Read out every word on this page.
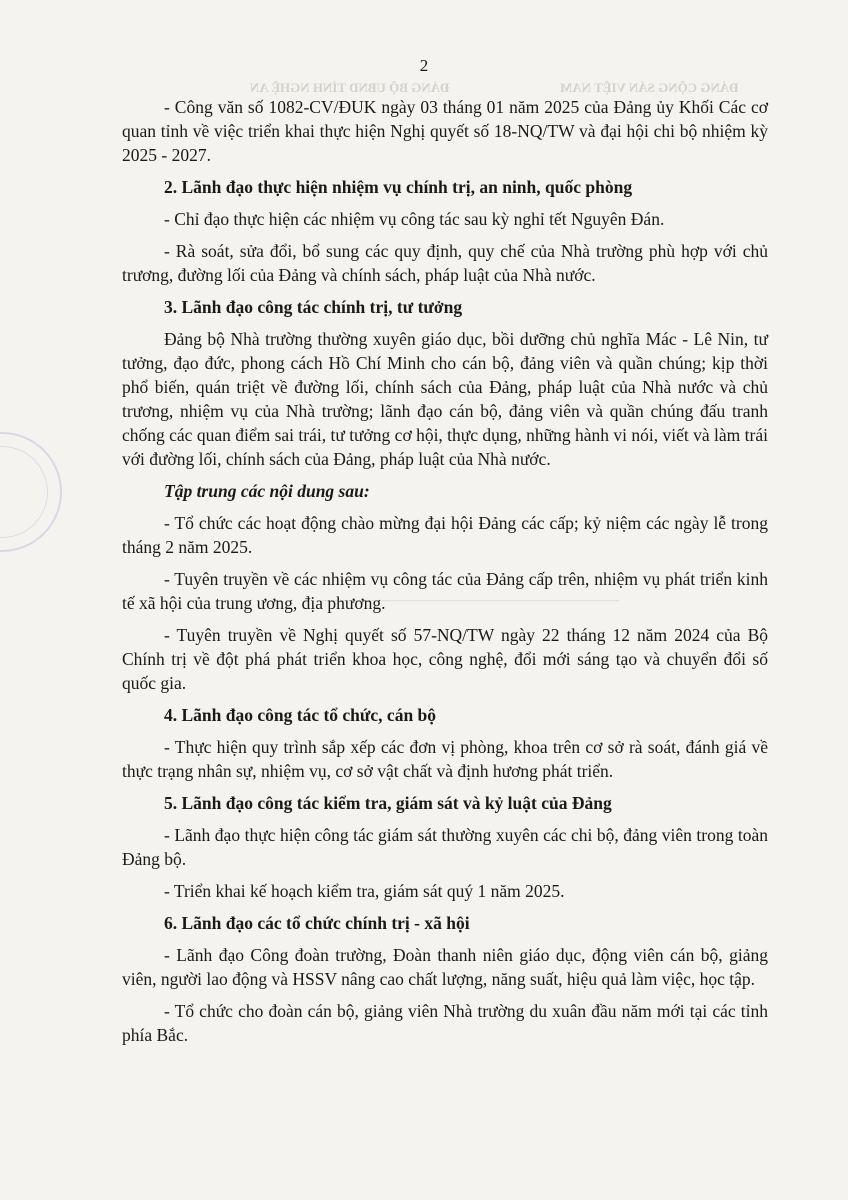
ĐẢNG BỘ UBND TỈNH NGHỆ AN	ĐẢNG CỘNG SẢN VIỆT NAM
———————————————————————
2

- Công văn số 1082-CV/ĐUK ngày 03 tháng 01 năm 2025 của Đảng ủy Khối Các cơ quan tỉnh về việc triển khai thực hiện Nghị quyết số 18-NQ/TW và đại hội chi bộ nhiệm kỳ 2025 - 2027.

2. Lãnh đạo thực hiện nhiệm vụ chính trị, an ninh, quốc phòng

- Chỉ đạo thực hiện các nhiệm vụ công tác sau kỳ nghỉ tết Nguyên Đán.

- Rà soát, sửa đổi, bổ sung các quy định, quy chế của Nhà trường phù hợp với chủ trương, đường lối của Đảng và chính sách, pháp luật của Nhà nước.

3. Lãnh đạo công tác chính trị, tư tưởng

Đảng bộ Nhà trường thường xuyên giáo dục, bồi dưỡng chủ nghĩa Mác - Lê Nin, tư tưởng, đạo đức, phong cách Hồ Chí Minh cho cán bộ, đảng viên và quần chúng; kịp thời phổ biến, quán triệt về đường lối, chính sách của Đảng, pháp luật của Nhà nước và chủ trương, nhiệm vụ của Nhà trường; lãnh đạo cán bộ, đảng viên và quần chúng đấu tranh chống các quan điểm sai trái, tư tưởng cơ hội, thực dụng, những hành vi nói, viết và làm trái với đường lối, chính sách của Đảng, pháp luật của Nhà nước.

Tập trung các nội dung sau:

- Tổ chức các hoạt động chào mừng đại hội Đảng các cấp; kỷ niệm các ngày lễ trong tháng 2 năm 2025.

- Tuyên truyền về các nhiệm vụ công tác của Đảng cấp trên, nhiệm vụ phát triển kinh tế xã hội của trung ương, địa phương.

- Tuyên truyền về Nghị quyết số 57-NQ/TW ngày 22 tháng 12 năm 2024 của Bộ Chính trị về đột phá phát triển khoa học, công nghệ, đổi mới sáng tạo và chuyển đổi số quốc gia.

4. Lãnh đạo công tác tổ chức, cán bộ

- Thực hiện quy trình sắp xếp các đơn vị phòng, khoa trên cơ sở rà soát, đánh giá về thực trạng nhân sự, nhiệm vụ, cơ sở vật chất và định hương phát triển.

5. Lãnh đạo công tác kiểm tra, giám sát và kỷ luật của Đảng

- Lãnh đạo thực hiện công tác giám sát thường xuyên các chi bộ, đảng viên trong toàn Đảng bộ.

- Triển khai kế hoạch kiểm tra, giám sát quý 1 năm 2025.

6. Lãnh đạo các tổ chức chính trị - xã hội

- Lãnh đạo Công đoàn trường, Đoàn thanh niên giáo dục, động viên cán bộ, giảng viên, người lao động và HSSV nâng cao chất lượng, năng suất, hiệu quả làm việc, học tập.

- Tổ chức cho đoàn cán bộ, giảng viên Nhà trường du xuân đầu năm mới tại các tỉnh phía Bắc.
